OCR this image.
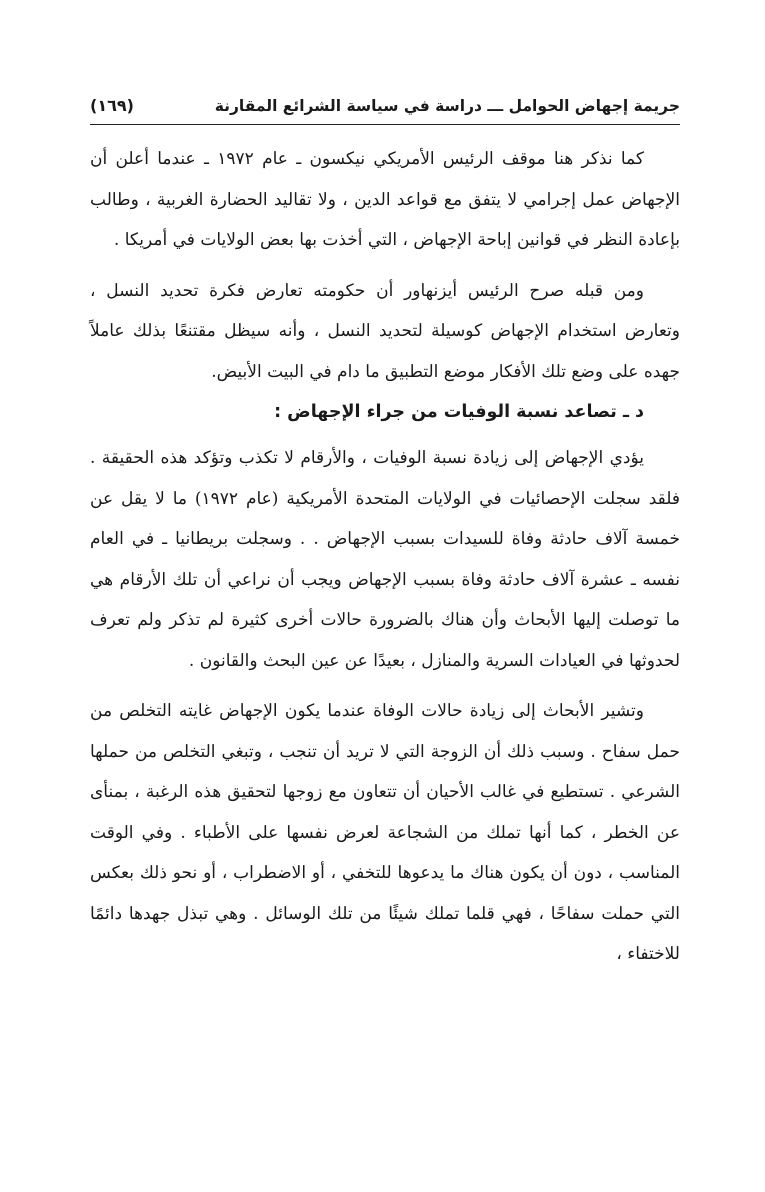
جريمة إجهاض الحوامل ـــ دراسة في سياسة الشرائع المقارنة
(١٦٩)

كما نذكر هنا موقف الرئيس الأمريكي نيكسون ـ عام ١٩٧٢ ـ عندما أعلن أن الإجهاض عمل إجرامي لا يتفق مع قواعد الدين ، ولا تقاليد الحضارة الغربية ، وطالب بإعادة النظر في قوانين إباحة الإجهاض ، التي أخذت بها بعض الولايات في أمريكا .

ومن قبله صرح الرئيس أيزنهاور أن حكومته تعارض فكرة تحديد النسل ، وتعارض استخدام الإجهاض كوسيلة لتحديد النسل ، وأنه سيظل مقتنعًا بذلك عاملاً جهده على وضع تلك الأفكار موضع التطبيق ما دام في البيت الأبيض.

د ـ تصاعد نسبة الوفيات من جراء الإجهاض :

يؤدي الإجهاض إلى زيادة نسبة الوفيات ، والأرقام لا تكذب وتؤكد هذه الحقيقة . فلقد سجلت الإحصائيات في الولايات المتحدة الأمريكية (عام ١٩٧٢) ما لا يقل عن خمسة آلاف حادثة وفاة للسيدات بسبب الإجهاض . . وسجلت بريطانيا ـ في العام نفسه ـ عشرة آلاف حادثة وفاة بسبب الإجهاض ويجب أن نراعي أن تلك الأرقام هي ما توصلت إليها الأبحاث وأن هناك بالضرورة حالات أخرى كثيرة لم تذكر ولم تعرف لحدوثها في العيادات السرية والمنازل ، بعيدًا عن عين البحث والقانون .

وتشير الأبحاث إلى زيادة حالات الوفاة عندما يكون الإجهاض غايته التخلص من حمل سفاح . وسبب ذلك أن الزوجة التي لا تريد أن تنجب ، وتبغي التخلص من حملها الشرعي . تستطيع في غالب الأحيان أن تتعاون مع زوجها لتحقيق هذه الرغبة ، بمنأى عن الخطر ، كما أنها تملك من الشجاعة لعرض نفسها على الأطباء . وفي الوقت المناسب ، دون أن يكون هناك ما يدعوها للتخفي ، أو الاضطراب ، أو نحو ذلك بعكس التي حملت سفاحًا ، فهي قلما تملك شيئًا من تلك الوسائل . وهي تبذل جهدها دائمًا للاختفاء ،
